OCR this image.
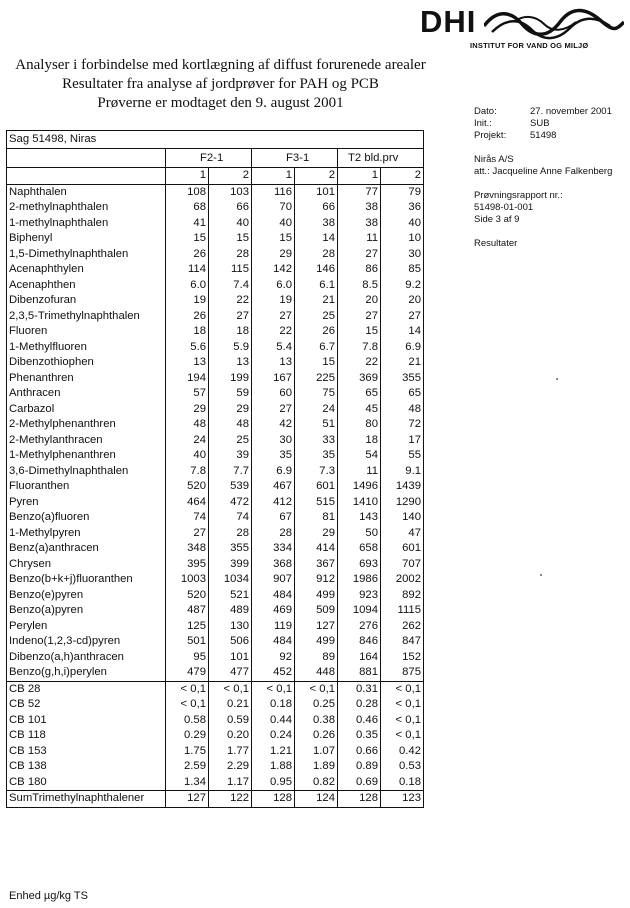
DHI
INSTITUT FOR VAND OG MILJØ
Analyser i forbindelse med kortlægning af diffust forurenede arealer
Resultater fra analyse af jordprøver for PAH og PCB
Prøverne er modtaget den 9. august 2001
Dato:	27. november 2001
Init.:	SUB
Projekt:	51498
Nirås A/S
att.: Jacqueline Anne Falkenberg
Prøvningsrapport nr.:
51498-01-001
Side 3 af 9
Resultater
Sag 51498, Niras						
	F2-1		F3-1		T2 bld.prv	
	1	2	1	2	1	2
Naphthalen	108	103	116	101	77	79
2-methylnaphthalen	68	66	70	66	38	36
1-methylnaphthalen	41	40	40	38	38	40
Biphenyl	15	15	15	14	11	10
1,5-Dimethylnaphthalen	26	28	29	28	27	30
Acenaphthylen	114	115	142	146	86	85
Acenaphthen	6.0	7.4	6.0	6.1	8.5	9.2
Dibenzofuran	19	22	19	21	20	20
2,3,5-Trimethylnaphthalen	26	27	27	25	27	27
Fluoren	18	18	22	26	15	14
1-Methylfluoren	5.6	5.9	5.4	6.7	7.8	6.9
Dibenzothiophen	13	13	13	15	22	21
Phenanthren	194	199	167	225	369	355
Anthracen	57	59	60	75	65	65
Carbazol	29	29	27	24	45	48
2-Methylphenanthren	48	48	42	51	80	72
2-Methylanthracen	24	25	30	33	18	17
1-Methylphenanthren	40	39	35	35	54	55
3,6-Dimethylnaphthalen	7.8	7.7	6.9	7.3	11	9.1
Fluoranthen	520	539	467	601	1496	1439
Pyren	464	472	412	515	1410	1290
Benzo(a)fluoren	74	74	67	81	143	140
1-Methylpyren	27	28	28	29	50	47
Benz(a)anthracen	348	355	334	414	658	601
Chrysen	395	399	368	367	693	707
Benzo(b+k+j)fluoranthen	1003	1034	907	912	1986	2002
Benzo(e)pyren	520	521	484	499	923	892
Benzo(a)pyren	487	489	469	509	1094	1115
Perylen	125	130	119	127	276	262
Indeno(1,2,3-cd)pyren	501	506	484	499	846	847
Dibenzo(a,h)anthracen	95	101	92	89	164	152
Benzo(g,h,i)perylen	479	477	452	448	881	875
CB 28	< 0,1	< 0,1	< 0,1	< 0,1	0.31	< 0,1
CB 52	< 0,1	0.21	0.18	0.25	0.28	< 0,1
CB 101	0.58	0.59	0.44	0.38	0.46	< 0,1
CB 118	0.29	0.20	0.24	0.26	0.35	< 0,1
CB 153	1.75	1.77	1.21	1.07	0.66	0.42
CB 138	2.59	2.29	1.88	1.89	0.89	0.53
CB 180	1.34	1.17	0.95	0.82	0.69	0.18
SumTrimethylnaphthalener	127	122	128	124	128	123
Enhed µg/kg TS
